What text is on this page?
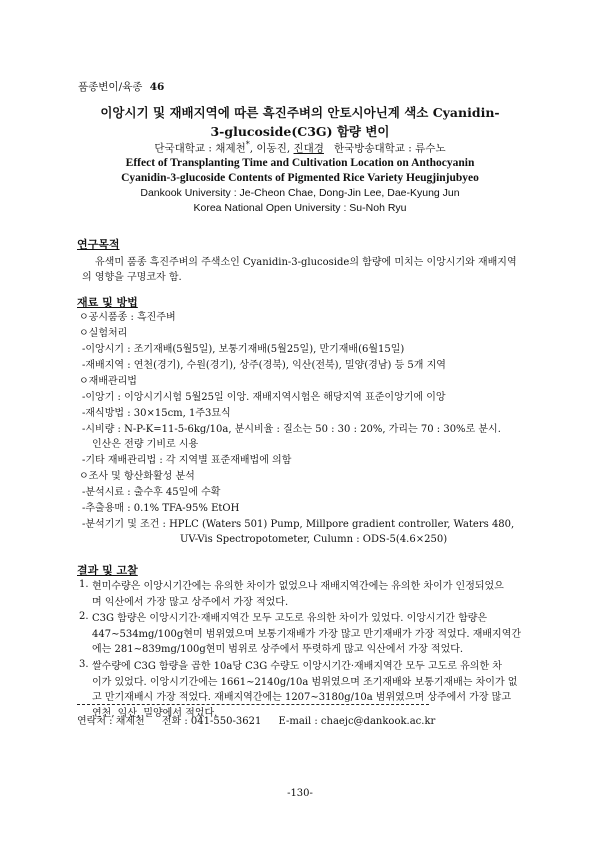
품종변이/육종 46
이앙시기 및 재배지역에 따른 흑진주벼의 안토시아닌계 색소 Cyanidin-
3-glucoside(C3G) 함량 변이
단국대학교 : 채제천*, 이동진, 진대경   한국방송대학교 : 류수노
Effect of Transplanting Time and Cultivation Location on Anthocyanin
Cyanidin-3-glucoside Contents of Pigmented Rice Variety Heugjinjubyeo
Dankook University : Je-Cheon Chae, Dong-Jin Lee, Dae-Kyung Jun
Korea National Open University : Su-Noh Ryu
연구목적
유색미 품종 흑진주벼의 주색소인 Cyanidin-3-glucoside의 함량에 미치는 이앙시기와 재배지역
의 영향을 구명코자 함.
재료 및 방법
ㅇ공시품종 : 흑진주벼
ㅇ실험처리
-이앙시기 : 조기재배(5월5일), 보통기재배(5월25일), 만기재배(6월15일)
-재배지역 : 연천(경기), 수원(경기), 상주(경북), 익산(전북), 밀양(경남) 등 5개 지역
ㅇ재배관리법
-이앙기 : 이앙시기시험 5월25일 이앙. 재배지역시험은 해당지역 표준이앙기에 이앙
-재식방법 : 30×15cm, 1주3묘식
-시비량 : N-P-K=11-5-6kg/10a, 분시비율 : 질소는 50 : 30 : 20%, 가리는 70 : 30%로 분시.
인산은 전량 기비로 시용
-기타 재배관리법 : 각 지역별 표준재배법에 의함
ㅇ조사 및 항산화활성 분석
-분석시료 : 출수후 45일에 수확
-추출용매 : 0.1% TFA-95% EtOH
-분석기기 및 조건 : HPLC (Waters 501) Pump, Millpore gradient controller, Waters 480,
UV-Vis Spectropotometer, Culumn : ODS-5(4.6×250)
결과 및 고찰
1. 현미수량은 이앙시기간에는 유의한 차이가 없었으나 재배지역간에는 유의한 차이가 인정되었으
며 익산에서 가장 많고 상주에서 가장 적었다.
2. C3G 함량은 이앙시기간·재배지역간 모두 고도로 유의한 차이가 있었다. 이앙시기간 함량은
447∼534mg/100g현미 범위였으며 보통기재배가 가장 많고 만기재배가 가장 적었다. 재배지역간
에는 281∼839mg/100g현미 범위로 상주에서 뚜렷하게 많고 익산에서 가장 적었다.
3. 쌀수량에 C3G 함량을 곱한 10a당 C3G 수량도 이앙시기간·재배지역간 모두 고도로 유의한 차
이가 있었다. 이앙시기간에는 1661∼2140g/10a 범위였으며 조기재배와 보통기재배는 차이가 없
고 만기재배시 가장 적었다. 재배지역간에는 1207∼3180g/10a 범위였으며 상주에서 가장 많고
연천, 익산, 밀양에서 적었다.
연락처 : 채제천 전화 : 041-550-3621 E-mail : chaejc@dankook.ac.kr
-130-
